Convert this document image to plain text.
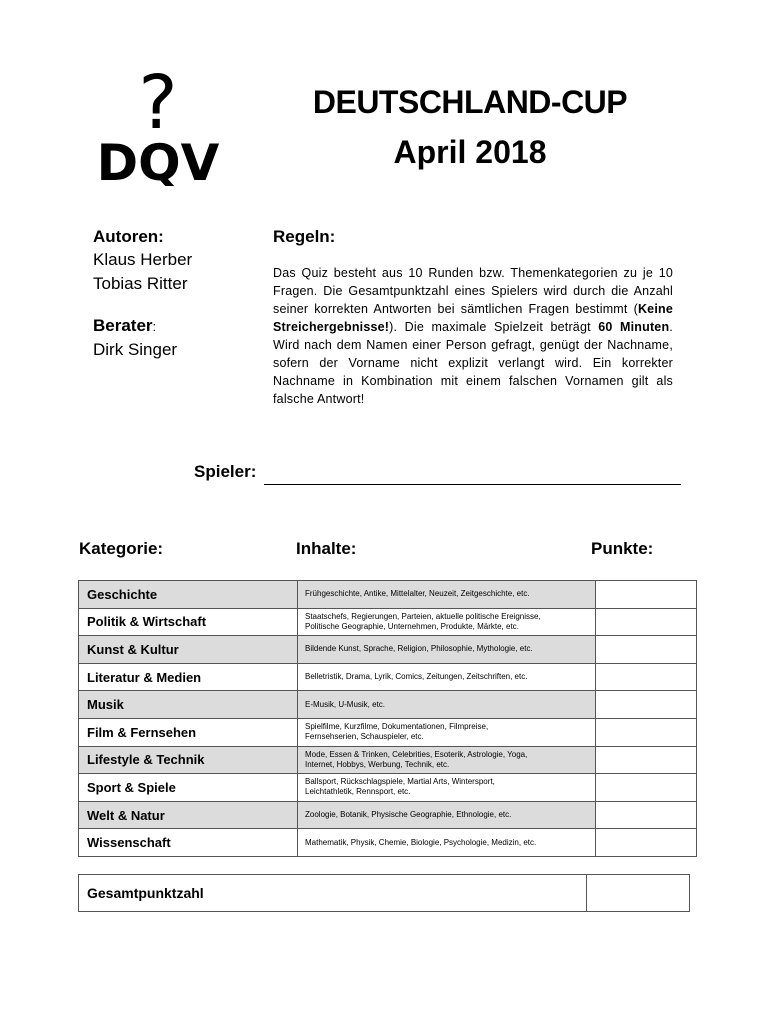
?
DQV
DEUTSCHLAND-CUP
April 2018
Autoren:
Klaus Herber
Tobias Ritter
Berater:
Dirk Singer
Regeln:
Das Quiz besteht aus 10 Runden bzw. Themenkategorien zu je 10 Fragen. Die Gesamtpunktzahl eines Spielers wird durch die Anzahl seiner korrekten Antworten bei sämtlichen Fragen bestimmt (Keine Streichergebnisse!). Die maximale Spielzeit beträgt 60 Minuten. Wird nach dem Namen einer Person gefragt, genügt der Nachname, sofern der Vorname nicht explizit verlangt wird. Ein korrekter Nachname in Kombination mit einem falschen Vornamen gilt als falsche Antwort!
Spieler:
Kategorie:	Inhalte:	Punkte:
Geschichte	Frühgeschichte, Antike, Mittelalter, Neuzeit, Zeitgeschichte, etc.	

Politik & Wirtschaft	Staatschefs, Regierungen, Parteien, aktuelle politische Ereignisse,
Politische Geographie, Unternehmen, Produkte, Märkte, etc.	

Kunst & Kultur	Bildende Kunst, Sprache, Religion, Philosophie, Mythologie, etc.	

Literatur & Medien	Belletristik, Drama, Lyrik, Comics, Zeitungen, Zeitschriften, etc.	

Musik	E-Musik, U-Musik, etc.	

Film & Fernsehen	Spielfilme, Kurzfilme, Dokumentationen, Filmpreise,
Fernsehserien, Schauspieler, etc.	

Lifestyle & Technik	Mode, Essen & Trinken, Celebrities, Esoterik, Astrologie, Yoga,
Internet, Hobbys, Werbung, Technik, etc.	

Sport & Spiele	Ballsport, Rückschlagspiele, Martial Arts, Wintersport,
Leichtathletik, Rennsport, etc.	

Welt & Natur	Zoologie, Botanik, Physische Geographie, Ethnologie, etc.	

Wissenschaft	Mathematik, Physik, Chemie, Biologie, Psychologie, Medizin, etc.	

Gesamtpunktzahl	
